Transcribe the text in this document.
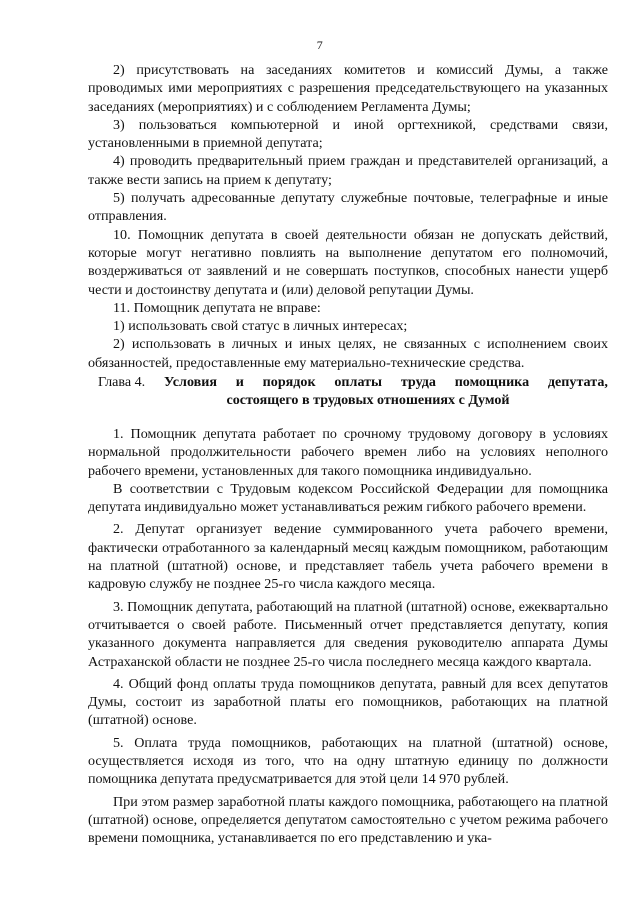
7

2) присутствовать на заседаниях комитетов и комиссий Думы, а также проводимых ими мероприятиях с разрешения председательствующего на указанных заседаниях (мероприятиях) и с соблюдением Регламента Думы;

3) пользоваться компьютерной и иной оргтехникой, средствами связи, установленными в приемной депутата;

4) проводить предварительный прием граждан и представителей организаций, а также вести запись на прием к депутату;

5) получать адресованные депутату служебные почтовые, телеграфные и иные отправления.

10. Помощник депутата в своей деятельности обязан не допускать действий, которые могут негативно повлиять на выполнение депутатом его полномочий, воздерживаться от заявлений и не совершать поступков, способных нанести ущерб чести и достоинству депутата и (или) деловой репутации Думы.

11. Помощник депутата не вправе:

1) использовать свой статус в личных интересах;

2) использовать в личных и иных целях, не связанных с исполнением своих обязанностей, предоставленные ему материально-технические средства.

Глава 4. Условия и порядок оплаты труда помощника депутата,
состоящего в трудовых отношениях с Думой

1. Помощник депутата работает по срочному трудовому договору в условиях нормальной продолжительности рабочего времен либо на условиях неполного рабочего времени, установленных для такого помощника индивидуально.

В соответствии с Трудовым кодексом Российской Федерации для помощника депутата индивидуально может устанавливаться режим гибкого рабочего времени.

2. Депутат организует ведение суммированного учета рабочего времени, фактически отработанного за календарный месяц каждым помощником, работающим на платной (штатной) основе, и представляет табель учета рабочего времени в кадровую службу не позднее 25-го числа каждого месяца.

3. Помощник депутата, работающий на платной (штатной) основе, ежеквартально отчитывается о своей работе. Письменный отчет представляется депутату, копия указанного документа направляется для сведения руководителю аппарата Думы Астраханской области не позднее 25-го числа последнего месяца каждого квартала.

4. Общий фонд оплаты труда помощников депутата, равный для всех депутатов Думы, состоит из заработной платы его помощников, работающих на платной (штатной) основе.

5. Оплата труда помощников, работающих на платной (штатной) основе, осуществляется исходя из того, что на одну штатную единицу по должности помощника депутата предусматривается для этой цели 14 970 рублей.

При этом размер заработной платы каждого помощника, работающего на платной (штатной) основе, определяется депутатом самостоятельно с учетом режима рабочего времени помощника, устанавливается по его представлению и ука-
